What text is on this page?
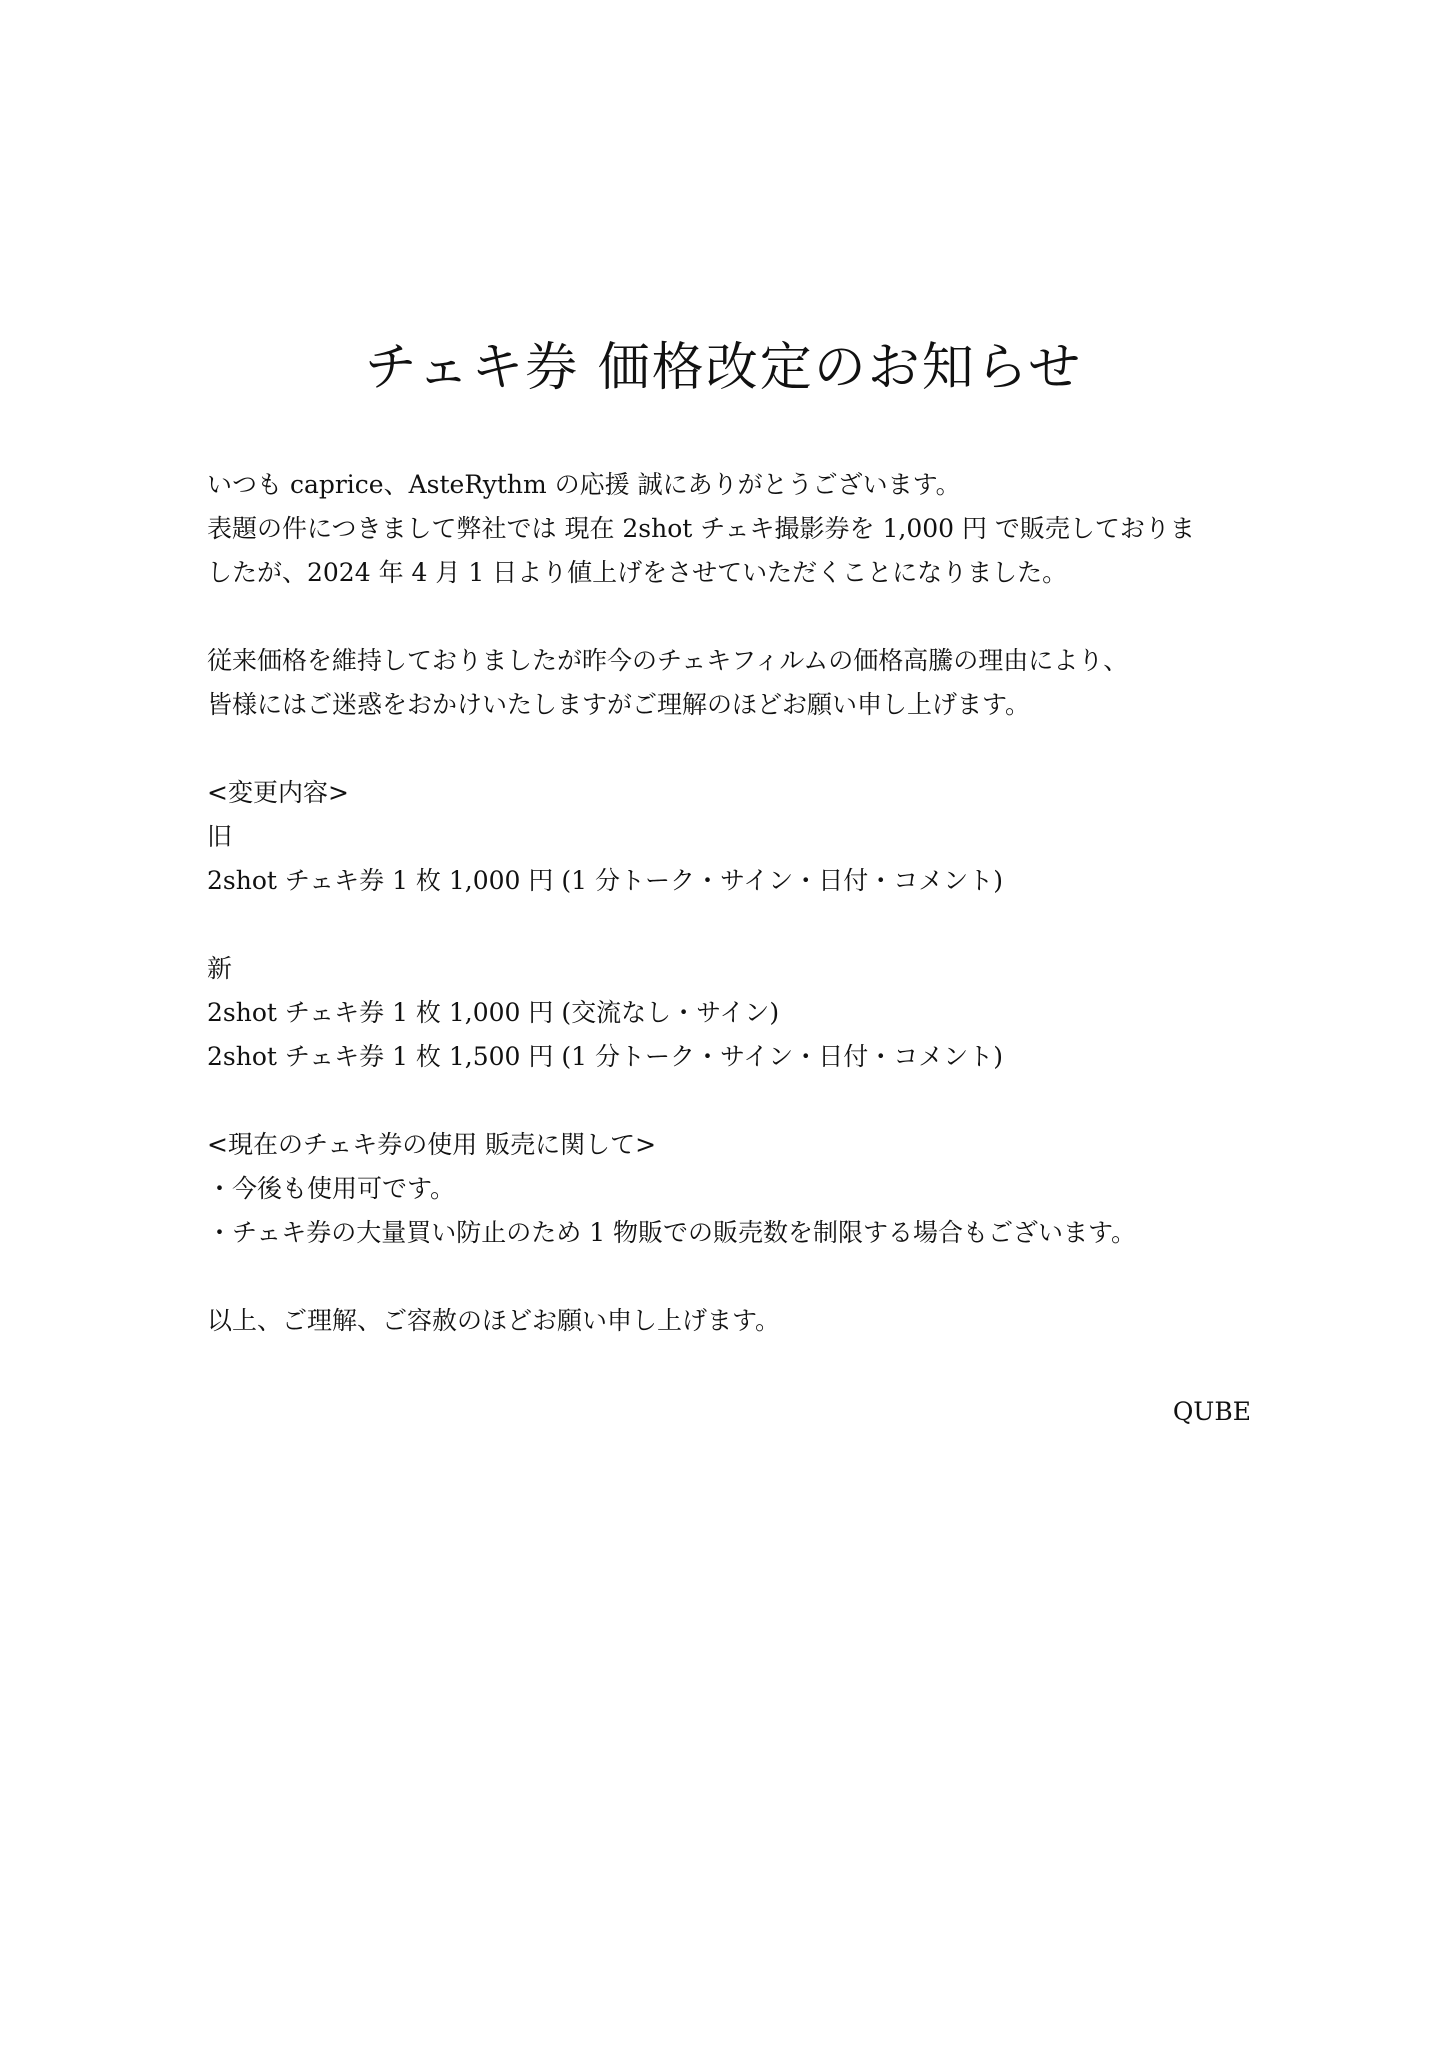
チェキ券 価格改定のお知らせ
いつも caprice、AsteRythm の応援 誠にありがとうございます。
表題の件につきまして弊社では 現在 2shot チェキ撮影券を 1,000 円 で販売しておりま
したが、2024 年 4 月 1 日より値上げをさせていただくことになりました。
従来価格を維持しておりましたが昨今のチェキフィルムの価格高騰の理由により、
皆様にはご迷惑をおかけいたしますがご理解のほどお願い申し上げます。
<変更内容>
旧
2shot チェキ券 1 枚 1,000 円 (1 分トーク・サイン・日付・コメント)
新
2shot チェキ券 1 枚 1,000 円 (交流なし・サイン)
2shot チェキ券 1 枚 1,500 円 (1 分トーク・サイン・日付・コメント)
<現在のチェキ券の使用 販売に関して>
・今後も使用可です。
・チェキ券の大量買い防止のため 1 物販での販売数を制限する場合もございます。
以上、ご理解、ご容赦のほどお願い申し上げます。
QUBE
